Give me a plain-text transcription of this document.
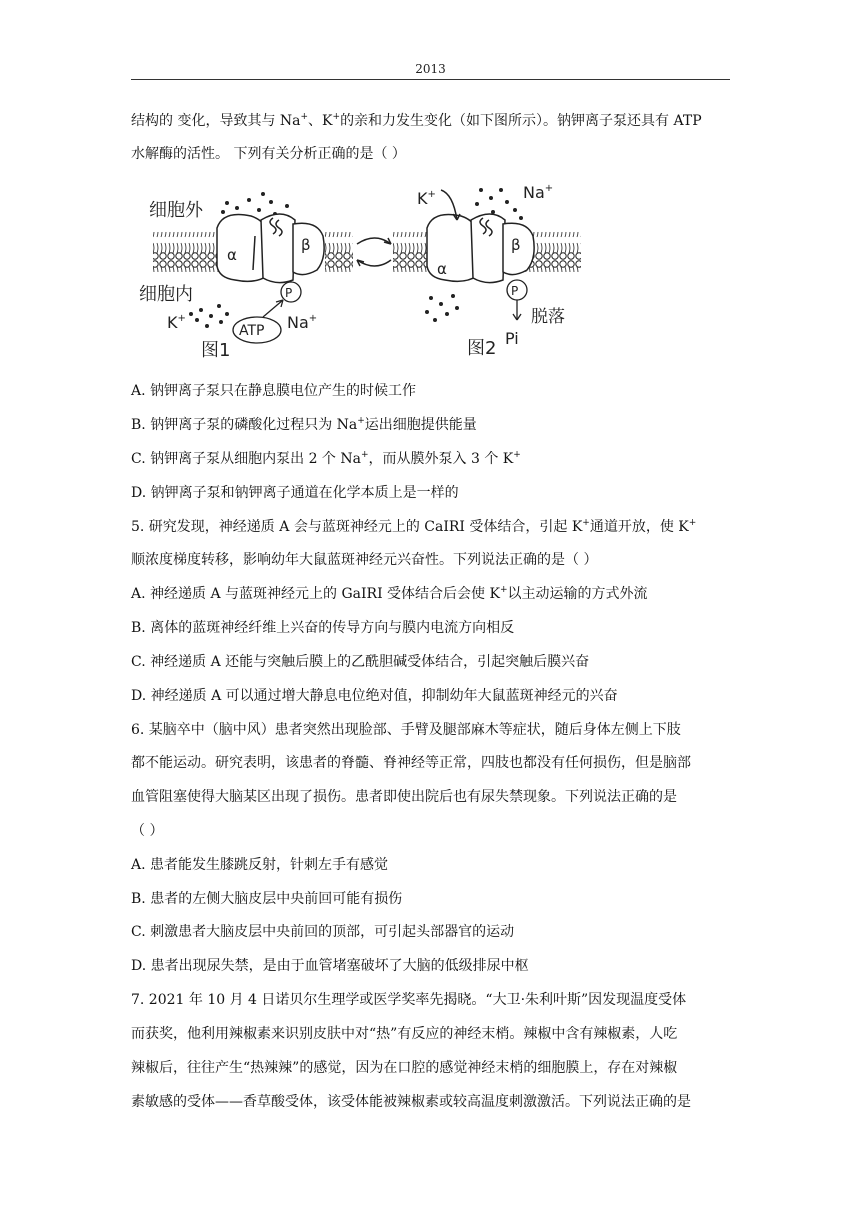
2013
结构的 变化，导致其与 Na+、K+的亲和力发生变化（如下图所示）。钠钾离子泵还具有 ATP
水解酶的活性。 下列有关分析正确的是（ ）
细胞外
细胞内
α
β
P
ATP
K+	Na+
图1
α
β
K+	Na+
P
脱落
Pi
图2
A. 钠钾离子泵只在静息膜电位产生的时候工作
B. 钠钾离子泵的磷酸化过程只为 Na+运出细胞提供能量
C. 钠钾离子泵从细胞内泵出 2 个 Na+，而从膜外泵入 3 个 K+
D. 钠钾离子泵和钠钾离子通道在化学本质上是一样的
5. 研究发现，神经递质 A 会与蓝斑神经元上的 CaIRI 受体结合，引起 K+通道开放，使 K+
顺浓度梯度转移，影响幼年大鼠蓝斑神经元兴奋性。下列说法正确的是（ ）
A. 神经递质 A 与蓝斑神经元上的 GaIRI 受体结合后会使 K+以主动运输的方式外流
B. 离体的蓝斑神经纤维上兴奋的传导方向与膜内电流方向相反
C. 神经递质 A 还能与突触后膜上的乙酰胆碱受体结合，引起突触后膜兴奋
D. 神经递质 A 可以通过增大静息电位绝对值，抑制幼年大鼠蓝斑神经元的兴奋
6. 某脑卒中（脑中风）患者突然出现脸部、手臂及腿部麻木等症状，随后身体左侧上下肢
都不能运动。研究表明，该患者的脊髓、脊神经等正常，四肢也都没有任何损伤，但是脑部
血管阻塞使得大脑某区出现了损伤。患者即使出院后也有尿失禁现象。下列说法正确的是
（ ）
A. 患者能发生膝跳反射，针刺左手有感觉
B. 患者的左侧大脑皮层中央前回可能有损伤
C. 刺激患者大脑皮层中央前回的顶部，可引起头部器官的运动
D. 患者出现尿失禁，是由于血管堵塞破坏了大脑的低级排尿中枢
7. 2021 年 10 月 4 日诺贝尔生理学或医学奖率先揭晓。“大卫·朱利叶斯”因发现温度受体
而获奖，他利用辣椒素来识别皮肤中对“热”有反应的神经末梢。辣椒中含有辣椒素，人吃
辣椒后，往往产生“热辣辣”的感觉，因为在口腔的感觉神经末梢的细胞膜上，存在对辣椒
素敏感的受体——香草酸受体，该受体能被辣椒素或较高温度刺激激活。下列说法正确的是
